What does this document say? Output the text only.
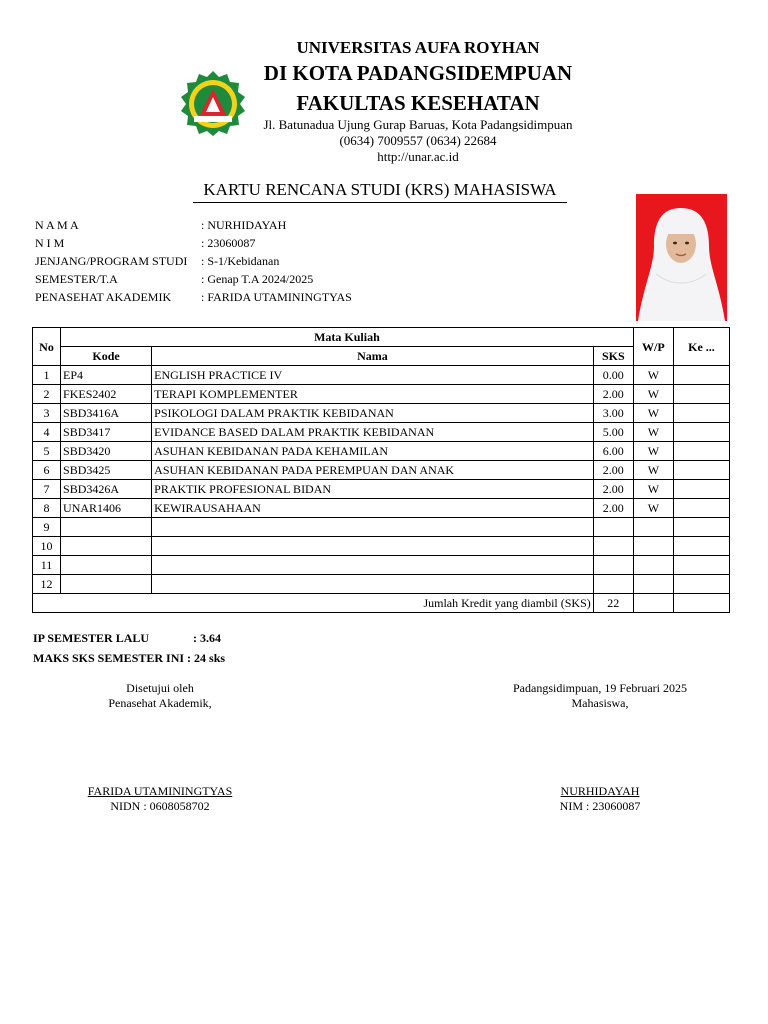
UNIVERSITAS AUFA ROYHAN
DI KOTA PADANGSIDEMPUAN
FAKULTAS KESEHATAN
Jl. Batunadua Ujung Gurap Baruas, Kota Padangsidimpuan
(0634) 7009557 (0634) 22684
http://unar.ac.id
KARTU RENCANA STUDI (KRS) MAHASISWA
N A M A	: NURHIDAYAH
N I M	: 23060087
JENJANG/PROGRAM STUDI	: S-1/Kebidanan
SEMESTER/T.A	: Genap T.A 2024/2025
PENASEHAT AKADEMIK	: FARIDA UTAMININGTYAS
No	Mata Kuliah			W/P	Ke ...
	Kode	Nama	SKS		
1	EP4	ENGLISH PRACTICE IV	0.00	W	
2	FKES2402	TERAPI KOMPLEMENTER	2.00	W	
3	SBD3416A	PSIKOLOGI DALAM PRAKTIK KEBIDANAN	3.00	W	
4	SBD3417	EVIDANCE BASED DALAM PRAKTIK KEBIDANAN	5.00	W	
5	SBD3420	ASUHAN KEBIDANAN PADA KEHAMILAN	6.00	W	
6	SBD3425	ASUHAN KEBIDANAN PADA PEREMPUAN DAN ANAK	2.00	W	
7	SBD3426A	PRAKTIK PROFESIONAL BIDAN	2.00	W	
8	UNAR1406	KEWIRAUSAHAAN	2.00	W	
9					
10					
11					
12					
Jumlah Kredit yang diambil (SKS)			22		
IP SEMESTER LALU	: 3.64
MAKS SKS SEMESTER INI : 24 sks
Disetujui oleh
Penasehat Akademik,
FARIDA UTAMININGTYAS
NIDN : 0608058702
Padangsidimpuan, 19 Februari 2025
Mahasiswa,
NURHIDAYAH
NIM : 23060087
